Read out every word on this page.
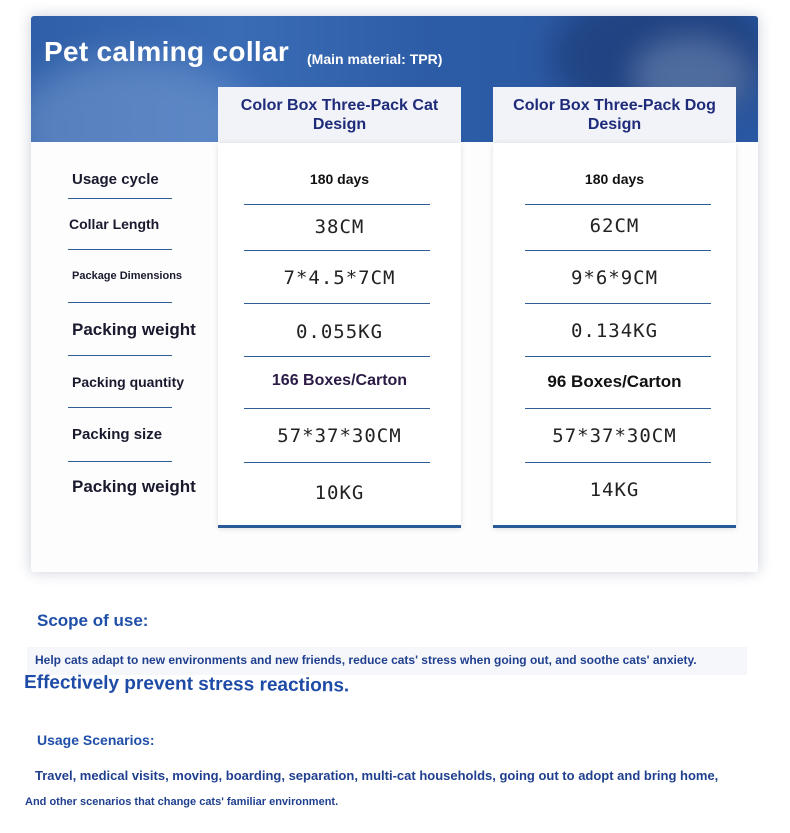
Pet calming collar (Main material: TPR)
Color Box Three-Pack Cat Design
Color Box Three-Pack Dog Design
Usage cycle
Collar Length
Package Dimensions
Packing weight
Packing quantity
Packing size
Packing weight
180 days
38CM
7*4.5*7CM
0.055KG
166 Boxes/Carton
57*37*30CM
10KG
180 days
62CM
9*6*9CM
0.134KG
96 Boxes/Carton
57*37*30CM
14KG
Scope of use:
Help cats adapt to new environments and new friends, reduce cats' stress when going out, and soothe cats' anxiety.
Effectively prevent stress reactions.
Usage Scenarios:
Travel, medical visits, moving, boarding, separation, multi-cat households, going out to adopt and bring home,
And other scenarios that change cats' familiar environment.
